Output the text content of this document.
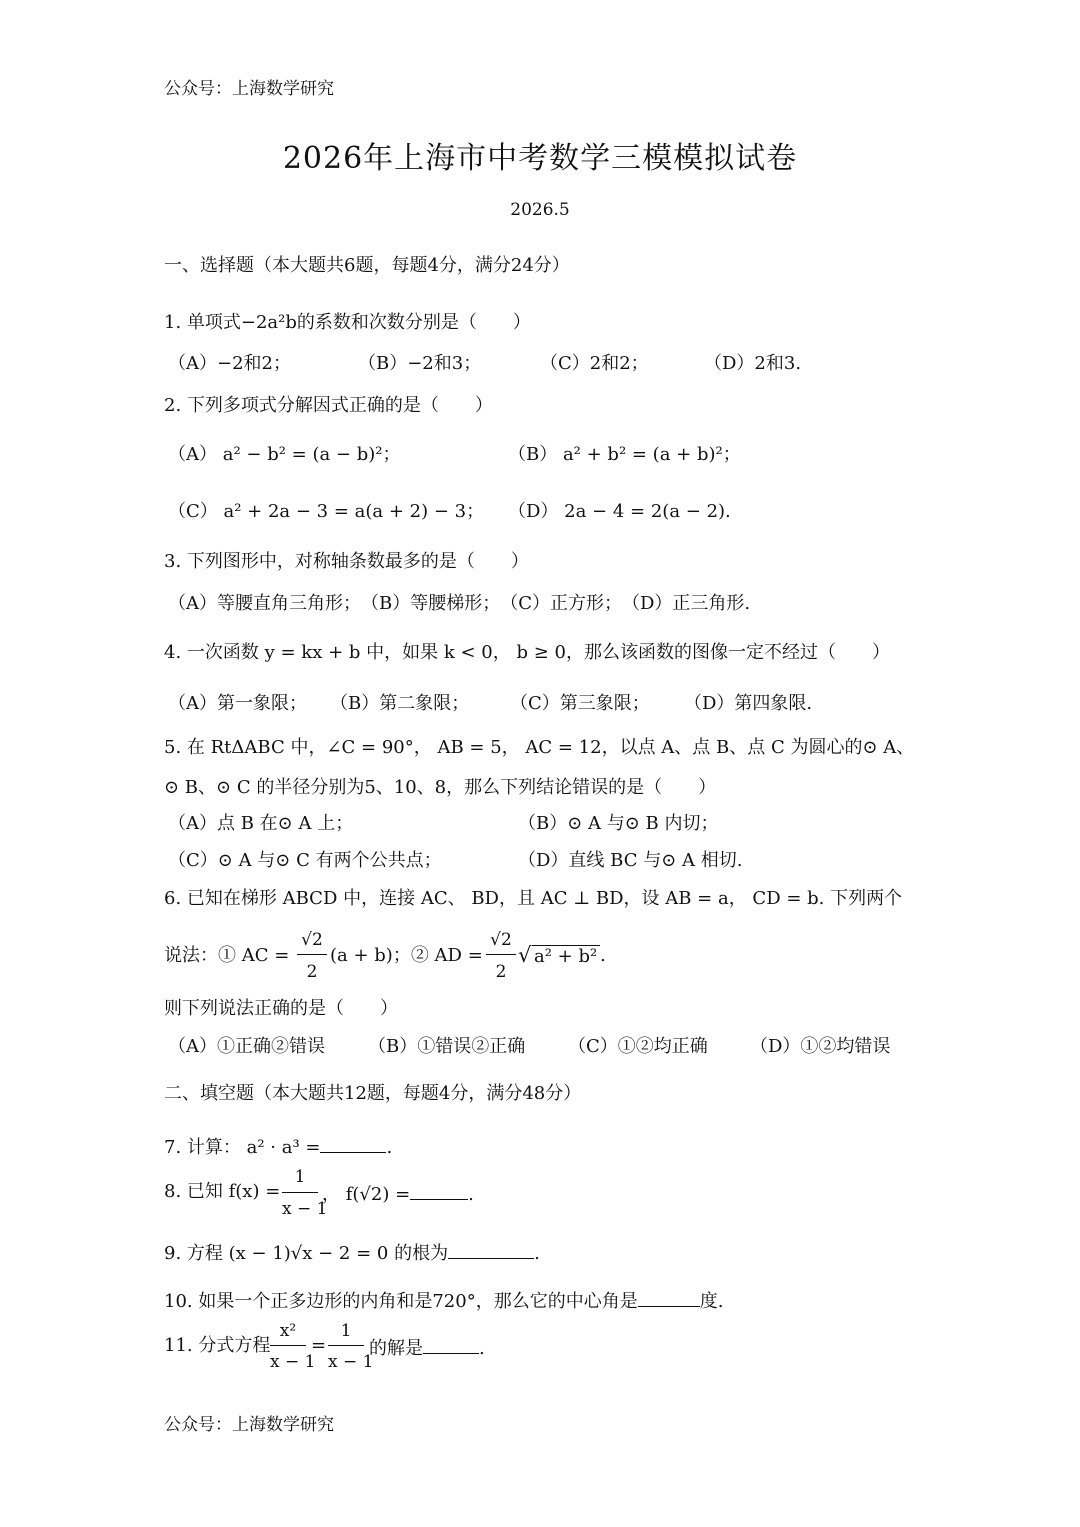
公众号：上海数学研究
2026年上海市中考数学三模模拟试卷
2026.5
一、选择题（本大题共6题，每题4分，满分24分）
1. 单项式−2a²b的系数和次数分别是（　　）
（A）−2和2；	（B）−2和3；	（C）2和2；	（D）2和3.
2. 下列多项式分解因式正确的是（　　）
（A） a² − b² = (a − b)²；	（B） a² + b² = (a + b)²；
（C） a² + 2a − 3 = a(a + 2) − 3； （D） 2a − 4 = 2(a − 2).
3. 下列图形中，对称轴条数最多的是（　　）
（A）等腰直角三角形；　（B）等腰梯形；　（C）正方形；　（D）正三角形.
4. 一次函数 y = kx + b 中，如果 k < 0， b ≥ 0，那么该函数的图像一定不经过（　　）
（A）第一象限； （B）第二象限； （C）第三象限； （D）第四象限.
5. 在 RtΔABC 中，∠C = 90°， AB = 5， AC = 12，以点 A、点 B、点 C 为圆心的⊙ A、
⊙ B、⊙ C 的半径分别为5、10、8，那么下列结论错误的是（　　）
（A）点 B 在⊙ A 上；	（B）⊙ A 与⊙ B 内切；
（C）⊙ A 与⊙ C 有两个公共点；	（D）直线 BC 与⊙ A 相切.
6. 已知在梯形 ABCD 中，连接 AC、 BD，且 AC ⊥ BD，设 AB = a， CD = b. 下列两个
说法：① AC =
√2
2
(a + b)；② AD =
√2
2
√ a² + b² .
则下列说法正确的是（　　）
（A）①正确②错误 （B）①错误②正确 （C）①②均正确 （D）①②均错误
二、填空题（本大题共12题，每题4分，满分48分）
7. 计算： a² · a³ =	.
8. 已知 f(x) =
1
x − 1
， f(√2) =	.
9. 方程 (x − 1)√x − 2 = 0 的根为	.
10. 如果一个正多边形的内角和是720°，那么它的中心角是	度.
11. 分式方程
x²
x − 1
=
1
x − 1
的解是	.
公众号：上海数学研究
